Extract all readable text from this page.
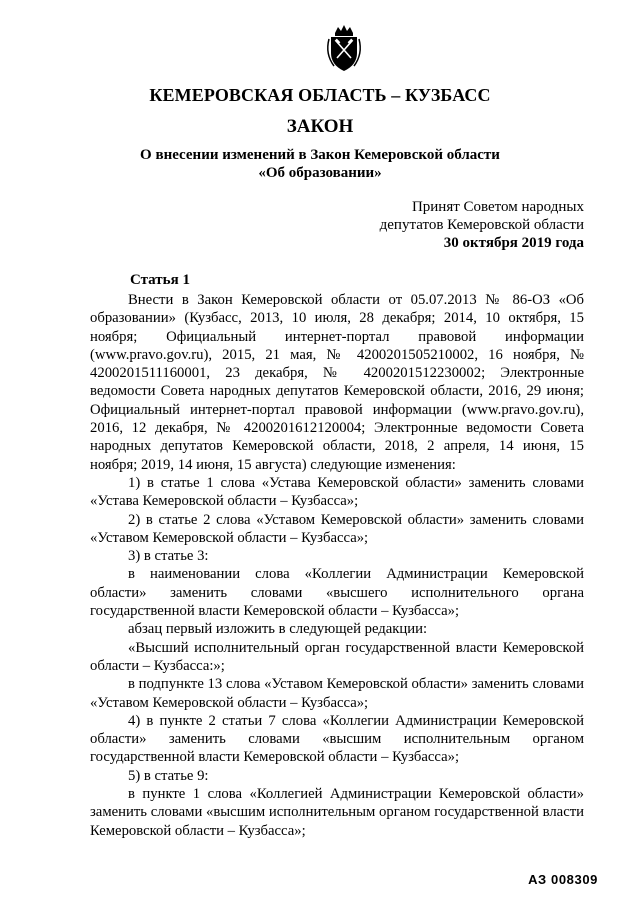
КЕМЕРОВСКАЯ ОБЛАСТЬ – КУЗБАСС
ЗАКОН
О внесении изменений в Закон Кемеровской области
«Об образовании»
Принят Советом народных
депутатов Кемеровской области
30 октября 2019 года
Статья 1

Внести в Закон Кемеровской области от 05.07.2013 № 86-ОЗ «Об образовании» (Кузбасс, 2013, 10 июля, 28 декабря; 2014, 10 октября, 15 ноября; Официальный интернет-портал правовой информации (www.pravo.gov.ru), 2015, 21 мая, № 4200201505210002, 16 ноября, № 4200201511160001, 23 декабря, № 4200201512230002; Электронные ведомости Совета народных депутатов Кемеровской области, 2016, 29 июня; Официальный интернет-портал правовой информации (www.pravo.gov.ru), 2016, 12 декабря, № 4200201612120004; Электронные ведомости Совета народных депутатов Кемеровской области, 2018, 2 апреля, 14 июня, 15 ноября; 2019, 14 июня, 15 августа) следующие изменения:

1) в статье 1 слова «Устава Кемеровской области» заменить словами «Устава Кемеровской области – Кузбасса»;

2) в статье 2 слова «Уставом Кемеровской области» заменить словами «Уставом Кемеровской области – Кузбасса»;

3) в статье 3:

в наименовании слова «Коллегии Администрации Кемеровской области» заменить словами «высшего исполнительного органа государственной власти Кемеровской области – Кузбасса»;

абзац первый изложить в следующей редакции:

«Высший исполнительный орган государственной власти Кемеровской области – Кузбасса:»;

в подпункте 13 слова «Уставом Кемеровской области» заменить словами «Уставом Кемеровской области – Кузбасса»;

4) в пункте 2 статьи 7 слова «Коллегии Администрации Кемеровской области» заменить словами «высшим исполнительным органом государственной власти Кемеровской области – Кузбасса»;

5) в статье 9:

в пункте 1 слова «Коллегией Администрации Кемеровской области» заменить словами «высшим исполнительным органом государственной власти Кемеровской области – Кузбасса»;

АЗ 008309
